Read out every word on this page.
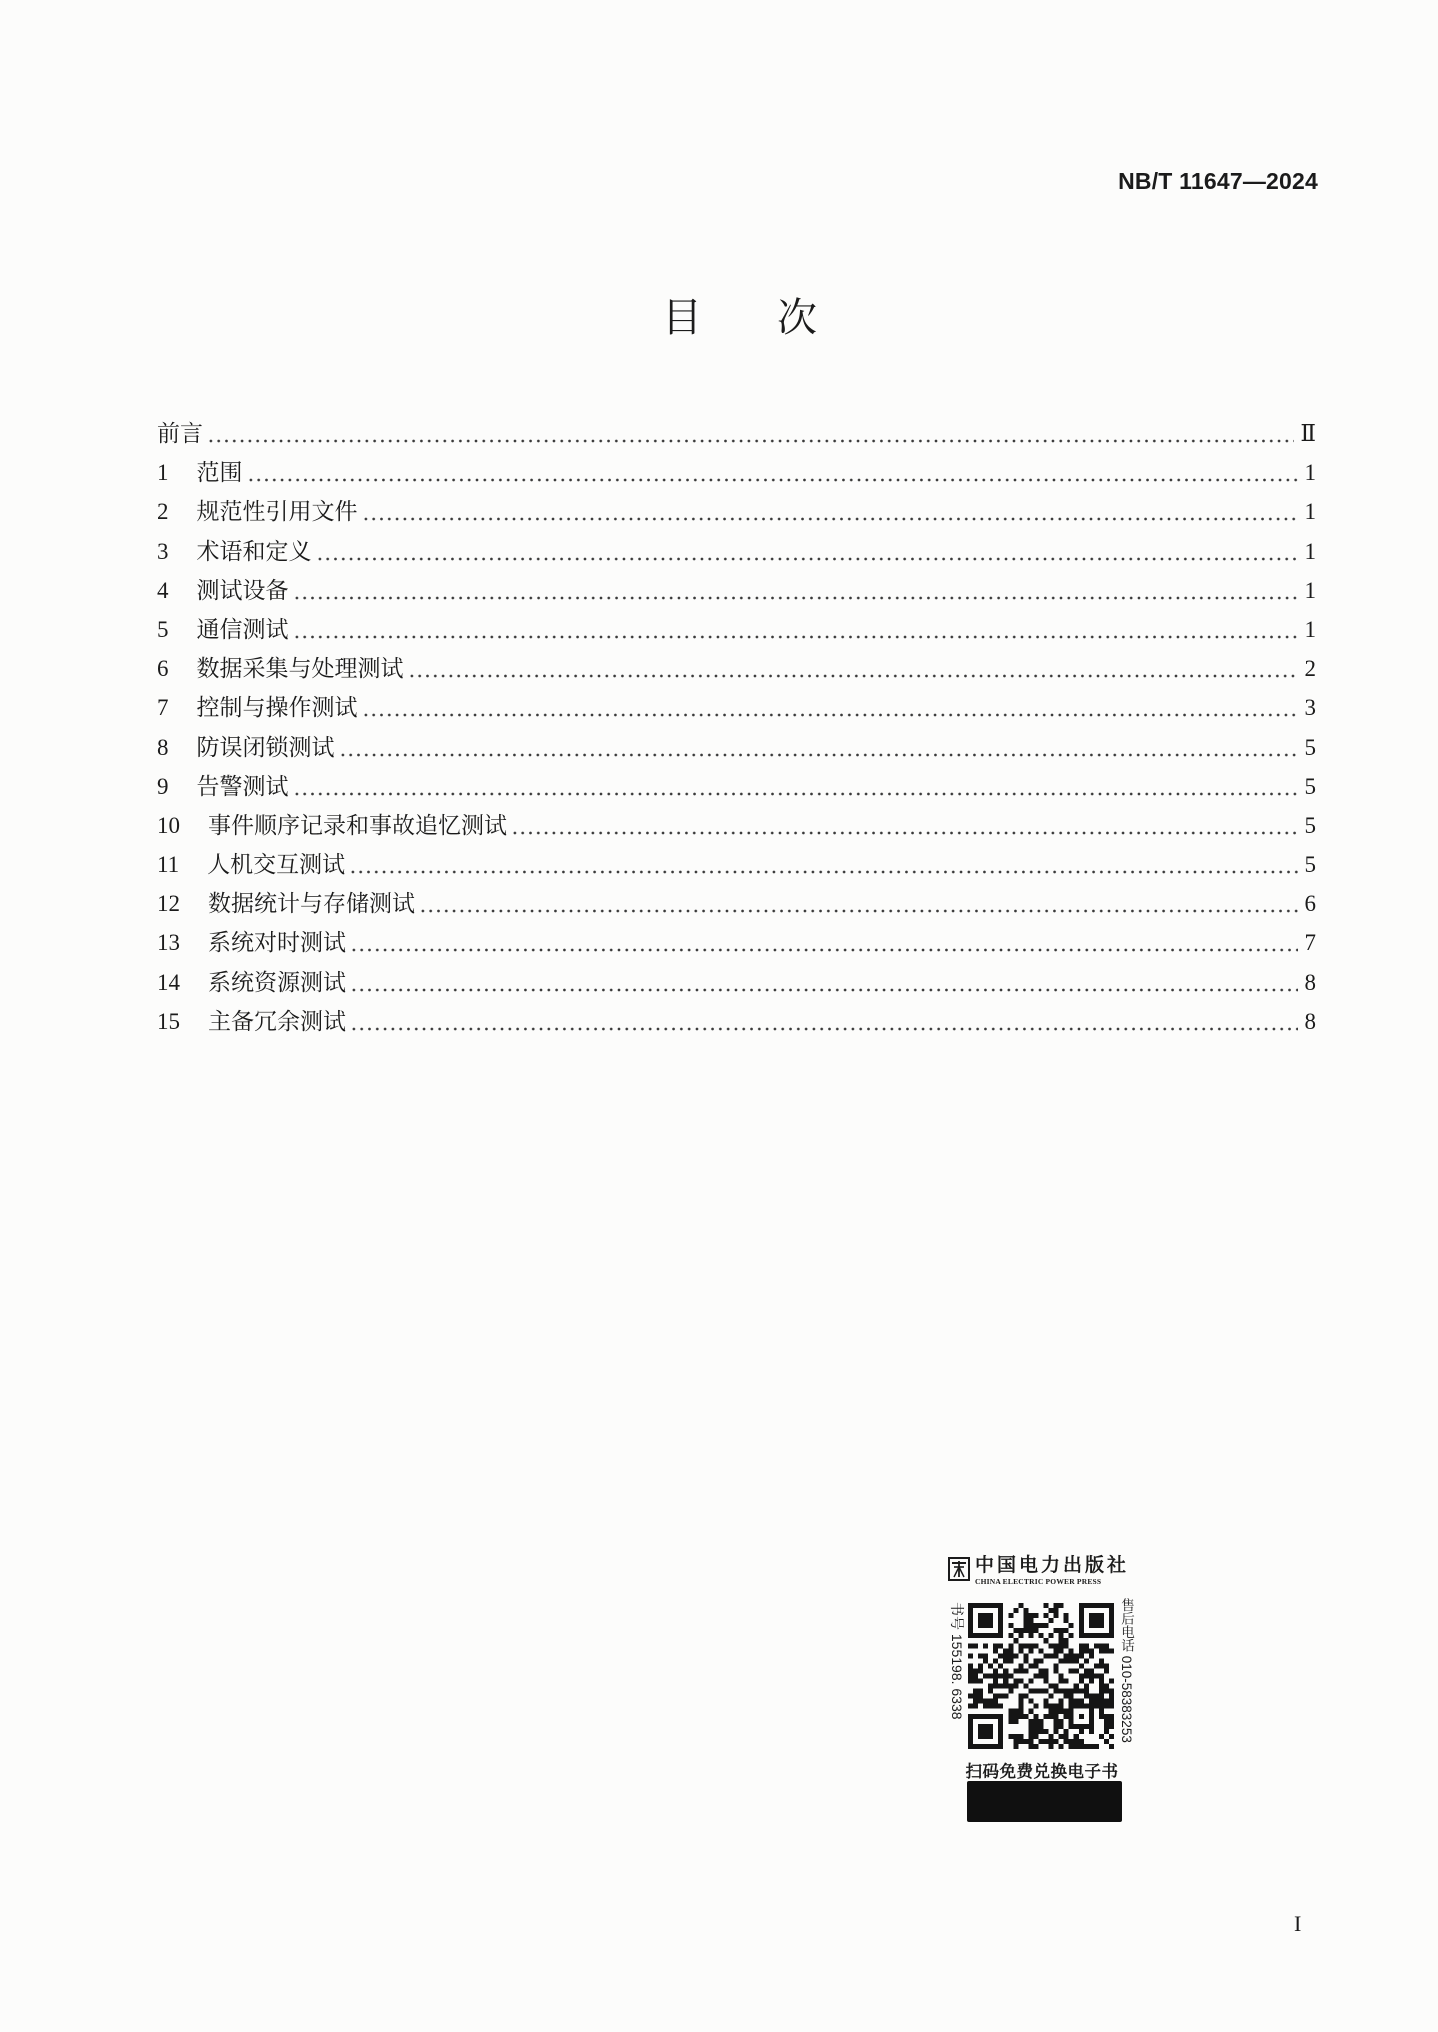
NB/T 11647—2024
目 次
前言	Ⅱ
1 范围	1
2 规范性引用文件	1
3 术语和定义	1
4 测试设备	1
5 通信测试	1
6 数据采集与处理测试	2
7 控制与操作测试	3
8 防误闭锁测试	5
9 告警测试	5
10 事件顺序记录和事故追忆测试	5
11 人机交互测试	5
12 数据统计与存储测试	6
13 系统对时测试	7
14 系统资源测试	8
15 主备冗余测试	8
中国电力出版社
CHINA ELECTRIC POWER PRESS
书号 155198. 6338	售后电话 010-58383253
扫码免费兑换电子书
I
